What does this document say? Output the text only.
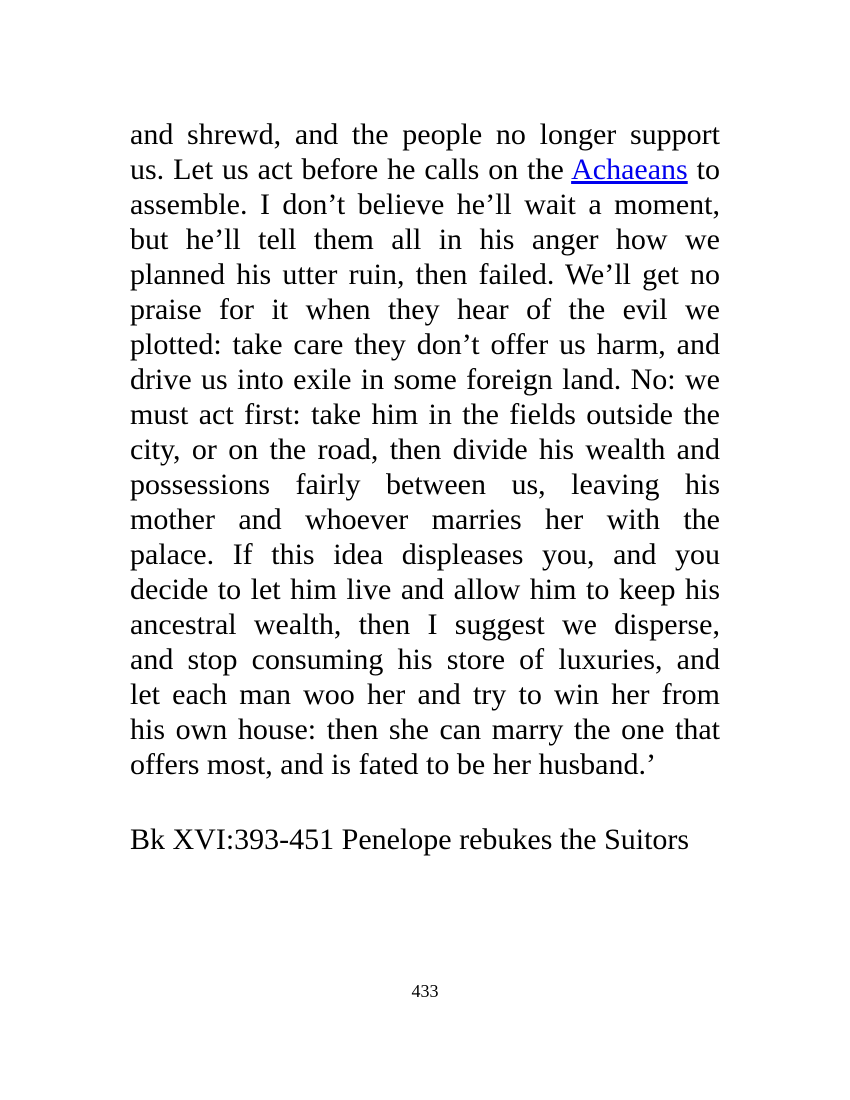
and shrewd, and the people no longer support
us. Let us act before he calls on the Achaeans to
assemble. I don’t believe he’ll wait a moment,
but he’ll tell them all in his anger how we
planned his utter ruin, then failed. We’ll get no
praise for it when they hear of the evil we
plotted: take care they don’t offer us harm, and
drive us into exile in some foreign land. No: we
must act first: take him in the fields outside the
city, or on the road, then divide his wealth and
possessions fairly between us, leaving his
mother and whoever marries her with the
palace. If this idea displeases you, and you
decide to let him live and allow him to keep his
ancestral wealth, then I suggest we disperse,
and stop consuming his store of luxuries, and
let each man woo her and try to win her from
his own house: then she can marry the one that
offers most, and is fated to be her husband.’

Bk XVI:393-451 Penelope rebukes the Suitors

433
